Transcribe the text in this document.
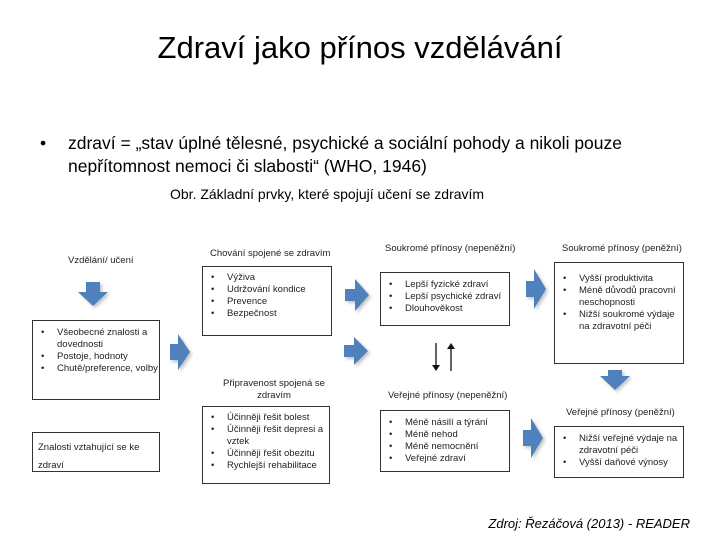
Zdraví jako přínos vzdělávání
• zdraví = „stav úplné tělesné, psychické a sociální pohody a nikoli pouze nepřítomnost nemoci či slabosti“ (WHO, 1946)
Obr. Základní prvky, které spojují učení se zdravím
Vzdělání/ učení
Chování spojené se zdravím	Soukromé přínosy (nepeněžní)	Soukromé přínosy (peněžní)
Připravenost spojená se zdravím	Veřejné přínosy (nepeněžní)
Veřejné přínosy (peněžní)
• Všeobecné znalosti a dovednosti
• Postoje, hodnoty
• Chutě/preference, volby
Znalosti vztahující se ke zdraví
• Výživa
• Udržování kondice
• Prevence
• Bezpečnost
• Účinněji řešit bolest
• Účinněji řešit depresi a vztek
• Účinněji řešit obezitu
• Rychlejší rehabilitace
• Lepší fyzické zdraví
• Lepší psychické zdraví
• Dlouhověkost
• Méně násilí a týrání
• Méně nehod
• Méně nemocnění
• Veřejné zdraví
• Vyšší produktivita
• Méně důvodů pracovní neschopnosti
• Nižší soukromé výdaje na zdravotní péči
• Nižší veřejné výdaje na zdravotní péči
• Vyšší daňové výnosy
Zdroj: Řezáčová (2013) - READER
